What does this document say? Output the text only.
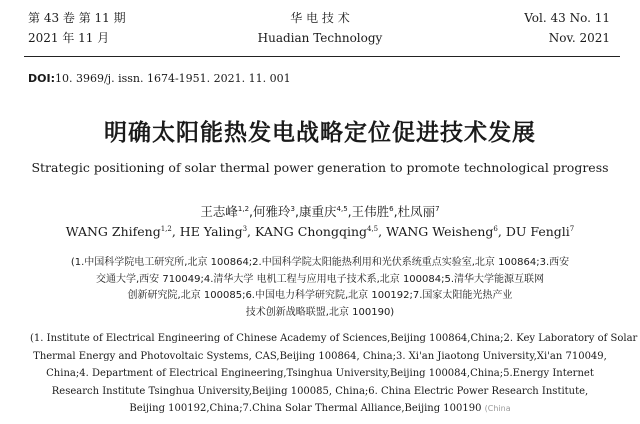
第 43 卷 第 11 期
2021 年 11 月
华 电 技 术
Huadian Technology
Vol. 43 No. 11
Nov. 2021
DOI:10. 3969/j. issn. 1674-1951. 2021. 11. 001
明确太阳能热发电战略定位促进技术发展
Strategic positioning of solar thermal power generation to promote technological progress
王志峰$^{1,2}$,何雅玲$^3$,康重庆$^{4,5}$,王伟胜$^6$,杜凤丽$^7$
WANG Zhifeng$^{1,2}$, HE Yaling$^3$, KANG Chongqing$^{4,5}$, WANG Weisheng$^6$, DU Fengli$^7$
(1.中国科学院电工研究所,北京 100864;2.中国科学院太阳能热利用和光伏系统重点实验室,北京 100864;3.西安
交通大学,西安 710049;4.清华大学 电机工程与应用电子技术系,北京 100084;5.清华大学能源互联网
创新研究院,北京 100085;6.中国电力科学研究院,北京 100192;7.国家太阳能光热产业
技术创新战略联盟,北京 100190)
(1. Institute of Electrical Engineering of Chinese Academy of Sciences,Beijing 100864,China;2. Key Laboratory of Solar
Thermal Energy and Photovoltaic Systems, CAS,Beijing 100864, China;3. Xi'an Jiaotong University,Xi'an 710049,
China;4. Department of Electrical Engineering,Tsinghua University,Beijing 100084,China;5.Energy Internet
Research Institute Tsinghua University,Beijing 100085, China;6. China Electric Power Research Institute,
Beijing 100192,China;7.China Solar Thermal Alliance,Beijing 100190 (China
